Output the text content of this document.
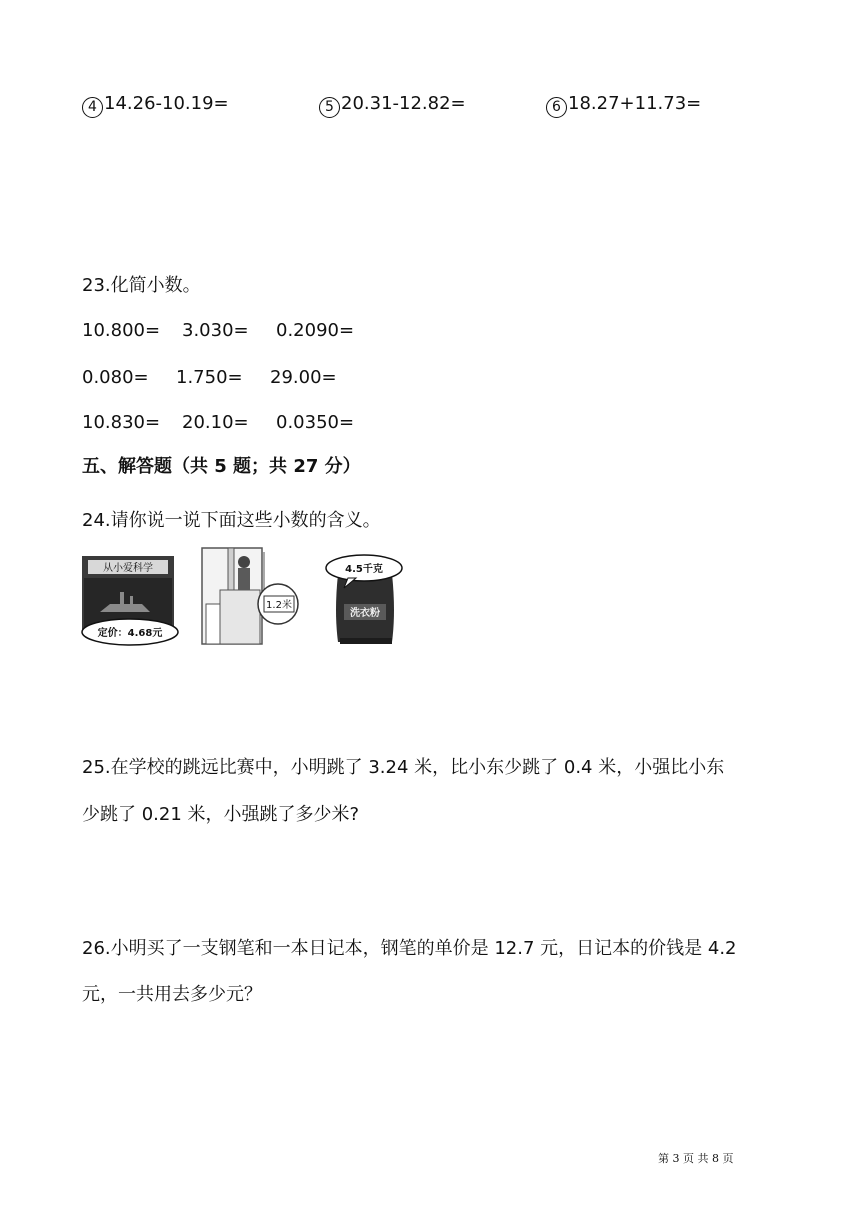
4 14.26-10.19=	5 20.31-12.82=	6 18.27+11.73=
23.化简小数。
10.800= 3.030= 0.2090=
0.080= 1.750= 29.00=
10.830= 20.10= 0.0350=
五、解答题（共 5 题；共 27 分）
24.请你说一说下面这些小数的含义。
从小爱科学
定价：4.68元
1.2米
洗衣粉
4.5千克
25.在学校的跳远比赛中，小明跳了 3.24 米，比小东少跳了 0.4 米，小强比小东
少跳了 0.21 米，小强跳了多少米?
26.小明买了一支钢笔和一本日记本，钢笔的单价是 12.7 元，日记本的价钱是 4.2
元，一共用去多少元？
第 3 页 共 8 页
